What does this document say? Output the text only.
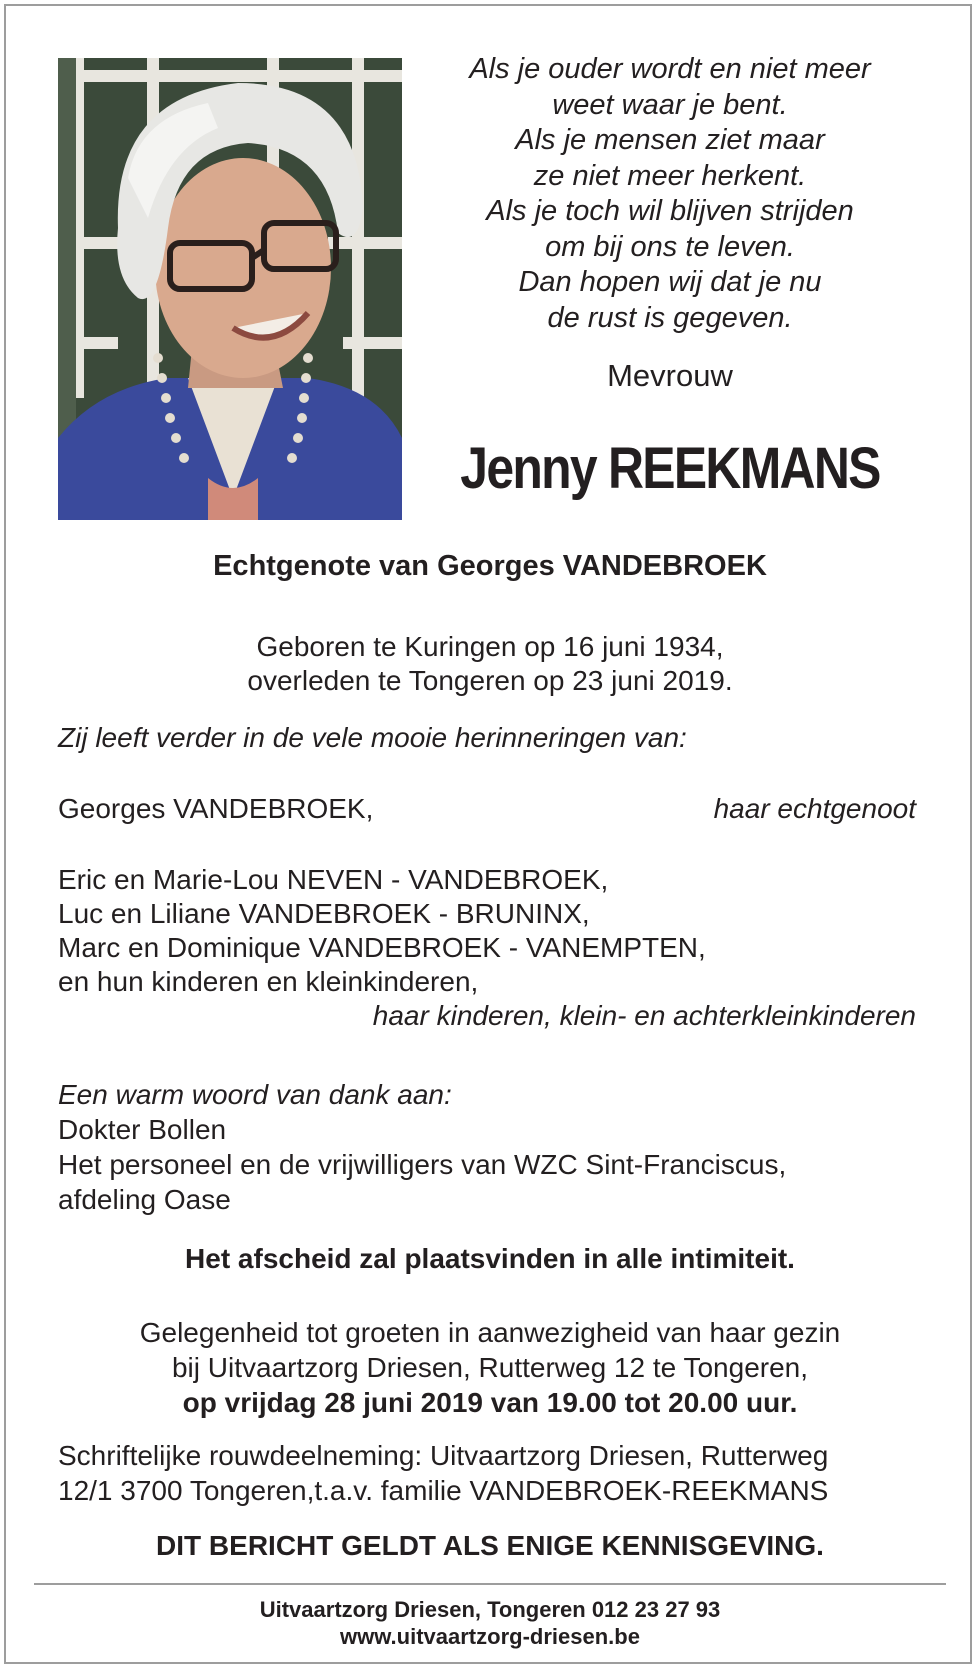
Als je ouder wordt en niet meer
weet waar je bent.
Als je mensen ziet maar
ze niet meer herkent.
Als je toch wil blijven strijden
om bij ons te leven.
Dan hopen wij dat je nu
de rust is gegeven.
Mevrouw
Jenny REEKMANS
Echtgenote van Georges VANDEBROEK
Geboren te Kuringen op 16 juni 1934,
overleden te Tongeren op 23 juni 2019.
Zij leeft verder in de vele mooie herinneringen van:
Georges VANDEBROEK,	haar echtgenoot
Eric en Marie-Lou NEVEN - VANDEBROEK,
Luc en Liliane VANDEBROEK - BRUNINX,
Marc en Dominique VANDEBROEK - VANEMPTEN,
en hun kinderen en kleinkinderen,
haar kinderen, klein- en achterkleinkinderen
Een warm woord van dank aan:
Dokter Bollen
Het personeel en de vrijwilligers van WZC Sint-Franciscus,
afdeling Oase
Het afscheid zal plaatsvinden in alle intimiteit.
Gelegenheid tot groeten in aanwezigheid van haar gezin
bij Uitvaartzorg Driesen, Rutterweg 12 te Tongeren,
op vrijdag 28 juni 2019 van 19.00 tot 20.00 uur.
Schriftelijke rouwdeelneming: Uitvaartzorg Driesen, Rutterweg
12/1 3700 Tongeren,t.a.v. familie VANDEBROEK-REEKMANS
DIT BERICHT GELDT ALS ENIGE KENNISGEVING.
Uitvaartzorg Driesen, Tongeren 012 23 27 93
www.uitvaartzorg-driesen.be
